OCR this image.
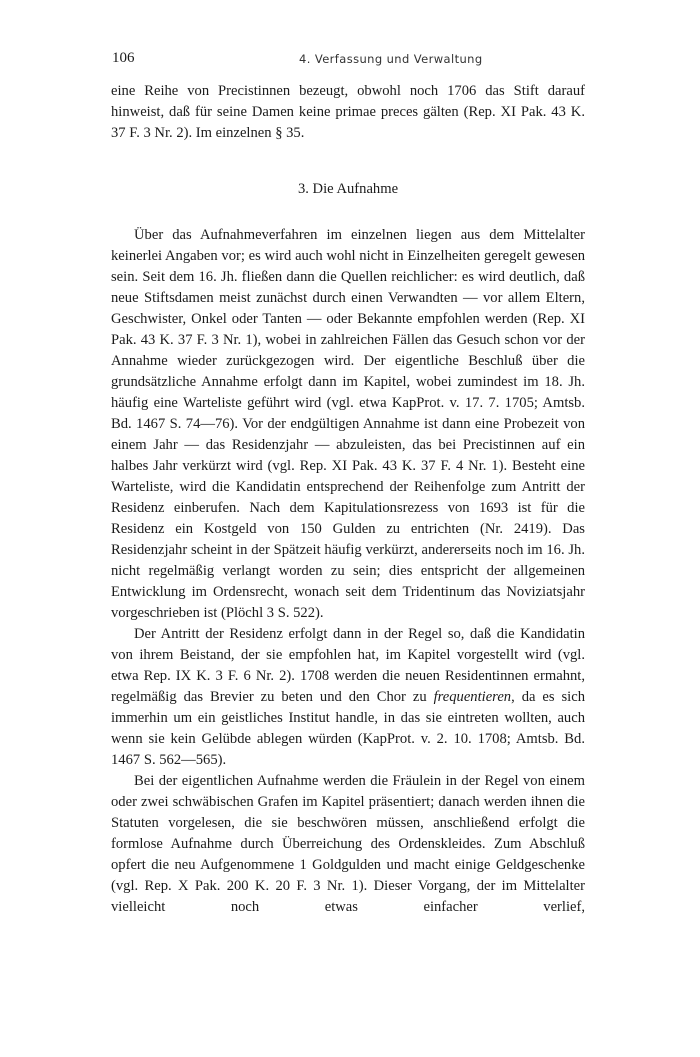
106	4. Verfassung und Verwaltung

eine Reihe von Precistinnen bezeugt, obwohl noch 1706 das Stift darauf hinweist, daß für seine Damen keine primae preces gälten (Rep. XI Pak. 43 K. 37 F. 3 Nr. 2). Im einzelnen § 35.

3. Die Aufnahme

Über das Aufnahmeverfahren im einzelnen liegen aus dem Mittelalter keinerlei Angaben vor; es wird auch wohl nicht in Einzelheiten geregelt gewesen sein. Seit dem 16. Jh. fließen dann die Quellen reichlicher: es wird deutlich, daß neue Stiftsdamen meist zunächst durch einen Verwandten — vor allem Eltern, Geschwister, Onkel oder Tanten — oder Bekannte empfohlen werden (Rep. XI Pak. 43 K. 37 F. 3 Nr. 1), wobei in zahlreichen Fällen das Gesuch schon vor der Annahme wieder zurückgezogen wird. Der eigentliche Beschluß über die grundsätzliche Annahme erfolgt dann im Kapitel, wobei zumindest im 18. Jh. häufig eine Warteliste geführt wird (vgl. etwa KapProt. v. 17. 7. 1705; Amtsb. Bd. 1467 S. 74—76). Vor der endgültigen Annahme ist dann eine Probezeit von einem Jahr — das Residenzjahr — abzuleisten, das bei Precistinnen auf ein halbes Jahr verkürzt wird (vgl. Rep. XI Pak. 43 K. 37 F. 4 Nr. 1). Besteht eine Warteliste, wird die Kandidatin entsprechend der Reihenfolge zum Antritt der Residenz einberufen. Nach dem Kapitulationsrezess von 1693 ist für die Residenz ein Kostgeld von 150 Gulden zu entrichten (Nr. 2419). Das Residenzjahr scheint in der Spätzeit häufig verkürzt, andererseits noch im 16. Jh. nicht regelmäßig verlangt worden zu sein; dies entspricht der allgemeinen Entwicklung im Ordensrecht, wonach seit dem Tridentinum das Noviziatsjahr vorgeschrieben ist (Plöchl 3 S. 522).

Der Antritt der Residenz erfolgt dann in der Regel so, daß die Kandidatin von ihrem Beistand, der sie empfohlen hat, im Kapitel vorgestellt wird (vgl. etwa Rep. IX K. 3 F. 6 Nr. 2). 1708 werden die neuen Residentinnen ermahnt, regelmäßig das Brevier zu beten und den Chor zu frequentieren, da es sich immerhin um ein geistliches Institut handle, in das sie eintreten wollten, auch wenn sie kein Gelübde ablegen würden (KapProt. v. 2. 10. 1708; Amtsb. Bd. 1467 S. 562—565).

Bei der eigentlichen Aufnahme werden die Fräulein in der Regel von einem oder zwei schwäbischen Grafen im Kapitel präsentiert; danach werden ihnen die Statuten vorgelesen, die sie beschwören müssen, anschließend erfolgt die formlose Aufnahme durch Überreichung des Ordenskleides. Zum Abschluß opfert die neu Aufgenommene 1 Goldgulden und macht einige Geldgeschenke (vgl. Rep. X Pak. 200 K. 20 F. 3 Nr. 1). Dieser Vorgang, der im Mittelalter vielleicht noch etwas einfacher verlief,
